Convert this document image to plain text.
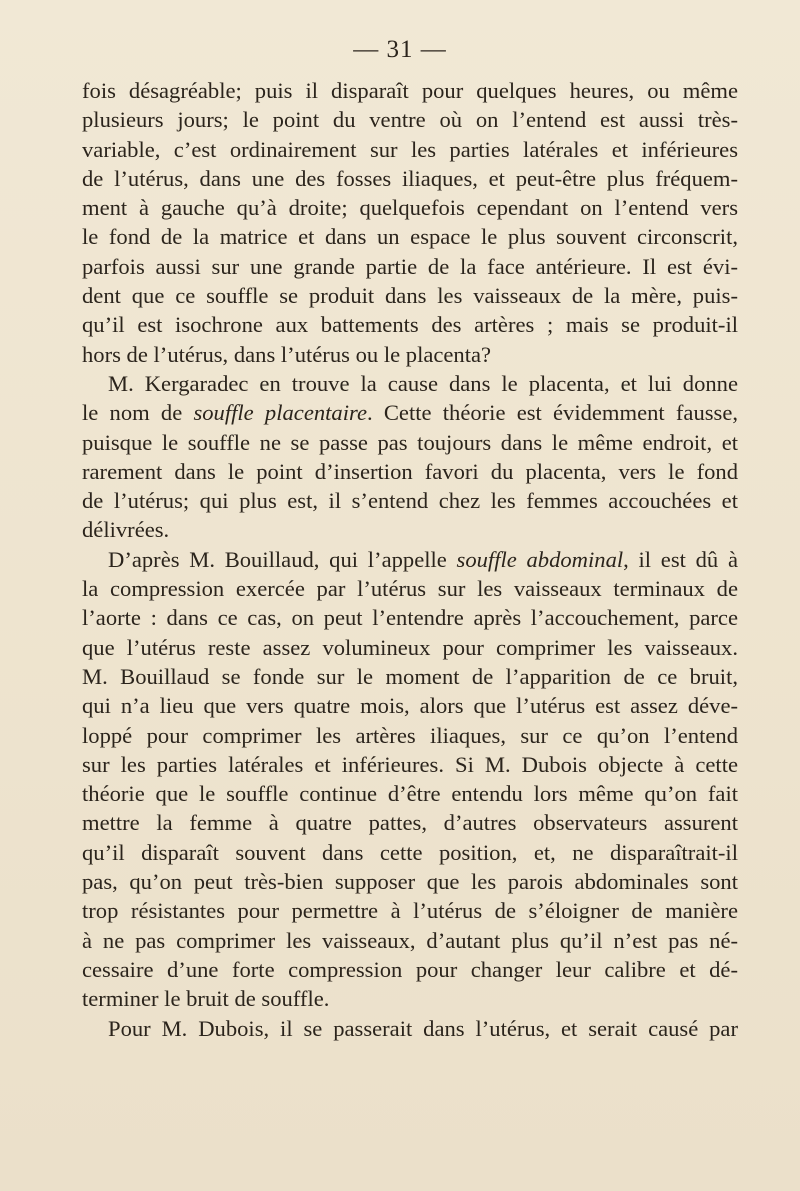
— 31 —

fois désagréable; puis il disparaît pour quelques heures, ou même
plusieurs jours; le point du ventre où on l’entend est aussi très-
variable, c’est ordinairement sur les parties latérales et inférieures
de l’utérus, dans une des fosses iliaques, et peut-être plus fréquem-
ment à gauche qu’à droite; quelquefois cependant on l’entend vers
le fond de la matrice et dans un espace le plus souvent circonscrit,
parfois aussi sur une grande partie de la face antérieure. Il est évi-
dent que ce souffle se produit dans les vaisseaux de la mère, puis-
qu’il est isochrone aux battements des artères ; mais se produit-il
hors de l’utérus, dans l’utérus ou le placenta?

M. Kergaradec en trouve la cause dans le placenta, et lui donne
le nom de souffle placentaire. Cette théorie est évidemment fausse,
puisque le souffle ne se passe pas toujours dans le même endroit, et
rarement dans le point d’insertion favori du placenta, vers le fond
de l’utérus; qui plus est, il s’entend chez les femmes accouchées et
délivrées.

D’après M. Bouillaud, qui l’appelle souffle abdominal, il est dû à
la compression exercée par l’utérus sur les vaisseaux terminaux de
l’aorte : dans ce cas, on peut l’entendre après l’accouchement, parce
que l’utérus reste assez volumineux pour comprimer les vaisseaux.
M. Bouillaud se fonde sur le moment de l’apparition de ce bruit,
qui n’a lieu que vers quatre mois, alors que l’utérus est assez déve-
loppé pour comprimer les artères iliaques, sur ce qu’on l’entend
sur les parties latérales et inférieures. Si M. Dubois objecte à cette
théorie que le souffle continue d’être entendu lors même qu’on fait
mettre la femme à quatre pattes, d’autres observateurs assurent
qu’il disparaît souvent dans cette position, et, ne disparaîtrait-il
pas, qu’on peut très-bien supposer que les parois abdominales sont
trop résistantes pour permettre à l’utérus de s’éloigner de manière
à ne pas comprimer les vaisseaux, d’autant plus qu’il n’est pas né-
cessaire d’une forte compression pour changer leur calibre et dé-
terminer le bruit de souffle.

Pour M. Dubois, il se passerait dans l’utérus, et serait causé par
